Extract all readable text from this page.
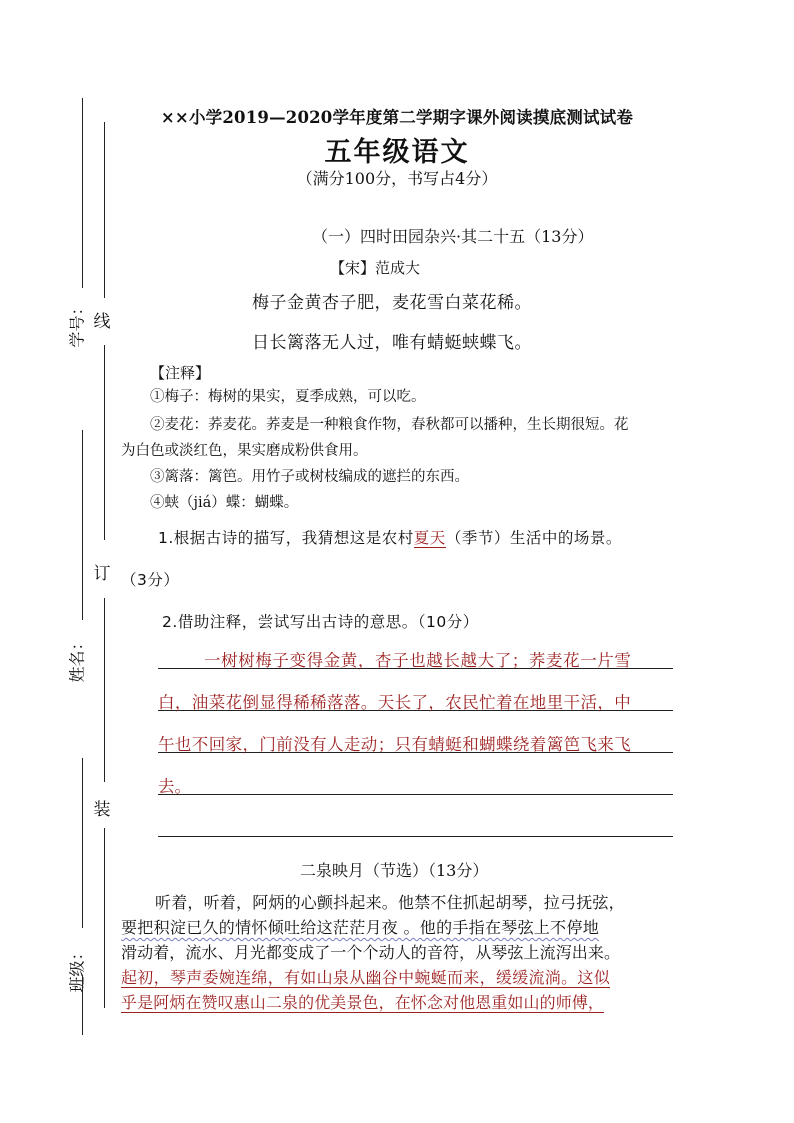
线
学号：
订
姓名：
装
班级：
××小学2019—2020学年度第二学期字课外阅读摸底测试试卷
五年级语文
（满分100分，书写占4分）
（一）四时田园杂兴·其二十五（13分）
【宋】范成大
梅子金黄杏子肥，麦花雪白菜花稀。
日长篱落无人过，唯有蜻蜓蛱蝶飞。
【注释】
①梅子：梅树的果实，夏季成熟，可以吃。
②麦花：荞麦花。荞麦是一种粮食作物，春秋都可以播种，生长期很短。花
为白色或淡红色，果实磨成粉供食用。
③篱落：篱笆。用竹子或树枝编成的遮拦的东西。
④蛱（jiá）蝶：蝴蝶。
1.根据古诗的描写，我猜想这是农村夏天（季节）生活中的场景。
（3分）
2.借助注释，尝试写出古诗的意思。（10分）
一树树梅子变得金黄，杏子也越长越大了；荞麦花一片雪
白，油菜花倒显得稀稀落落。天长了，农民忙着在地里干活，中
午也不回家，门前没有人走动；只有蜻蜓和蝴蝶绕着篱笆飞来飞
去。
二泉映月（节选）（13分）
听着，听着，阿炳的心颤抖起来。他禁不住抓起胡琴，拉弓抚弦，
要把积淀已久的情怀倾吐给这茫茫月夜 。他的手指在琴弦上不停地
滑动着，流水、月光都变成了一个个动人的音符，从琴弦上流泻出来。
起初，琴声委婉连绵，有如山泉从幽谷中蜿蜒而来，缓缓流淌。这似
乎是阿炳在赞叹惠山二泉的优美景色，在怀念对他恩重如山的师傅，
